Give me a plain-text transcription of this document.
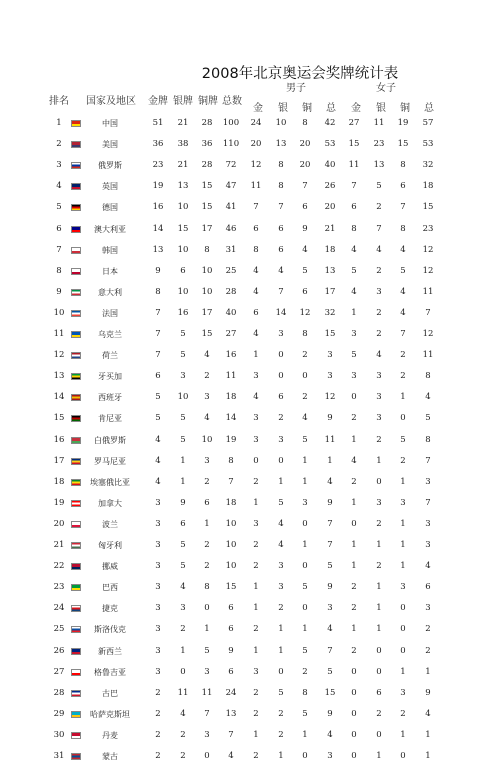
2008年北京奥运会奖牌统计表
排名 国家及地区 金牌 银牌 铜牌 总数
男子	女子
金	银	铜	总	金	银	铜	总
1	中国	51	21	28	100	24	10	8	42	27	11	19	57
2	美国	36	38	36	110	20	13	20	53	15	23	15	53
3	俄罗斯	23	21	28	72	12	8	20	40	11	13	8	32
4	英国	19	13	15	47	11	8	7	26	7	5	6	18
5	德国	16	10	15	41	7	7	6	20	6	2	7	15
6	澳大利亚	14	15	17	46	6	6	9	21	8	7	8	23
7	韩国	13	10	8	31	8	6	4	18	4	4	4	12
8	日本	9	6	10	25	4	4	5	13	5	2	5	12
9	意大利	8	10	10	28	4	7	6	17	4	3	4	11
10	法国	7	16	17	40	6	14	12	32	1	2	4	7
11	乌克兰	7	5	15	27	4	3	8	15	3	2	7	12
12	荷兰	7	5	4	16	1	0	2	3	5	4	2	11
13	牙买加	6	3	2	11	3	0	0	3	3	3	2	8
14	西班牙	5	10	3	18	4	6	2	12	0	3	1	4
15	肯尼亚	5	5	4	14	3	2	4	9	2	3	0	5
16	白俄罗斯	4	5	10	19	3	3	5	11	1	2	5	8
17	罗马尼亚	4	1	3	8	0	0	1	1	4	1	2	7
18	埃塞俄比亚	4	1	2	7	2	1	1	4	2	0	1	3
19	加拿大	3	9	6	18	1	5	3	9	1	3	3	7
20	波兰	3	6	1	10	3	4	0	7	0	2	1	3
21	匈牙利	3	5	2	10	2	4	1	7	1	1	1	3
22	挪威	3	5	2	10	2	3	0	5	1	2	1	4
23	巴西	3	4	8	15	1	3	5	9	2	1	3	6
24	捷克	3	3	0	6	1	2	0	3	2	1	0	3
25	斯洛伐克	3	2	1	6	2	1	1	4	1	1	0	2
26	新西兰	3	1	5	9	1	1	5	7	2	0	0	2
27	格鲁吉亚	3	0	3	6	3	0	2	5	0	0	1	1
28	古巴	2	11	11	24	2	5	8	15	0	6	3	9
29	哈萨克斯坦	2	4	7	13	2	2	5	9	0	2	2	4
30	丹麦	2	2	3	7	1	2	1	4	0	0	1	1
31	蒙古	2	2	0	4	2	1	0	3	0	1	0	1
